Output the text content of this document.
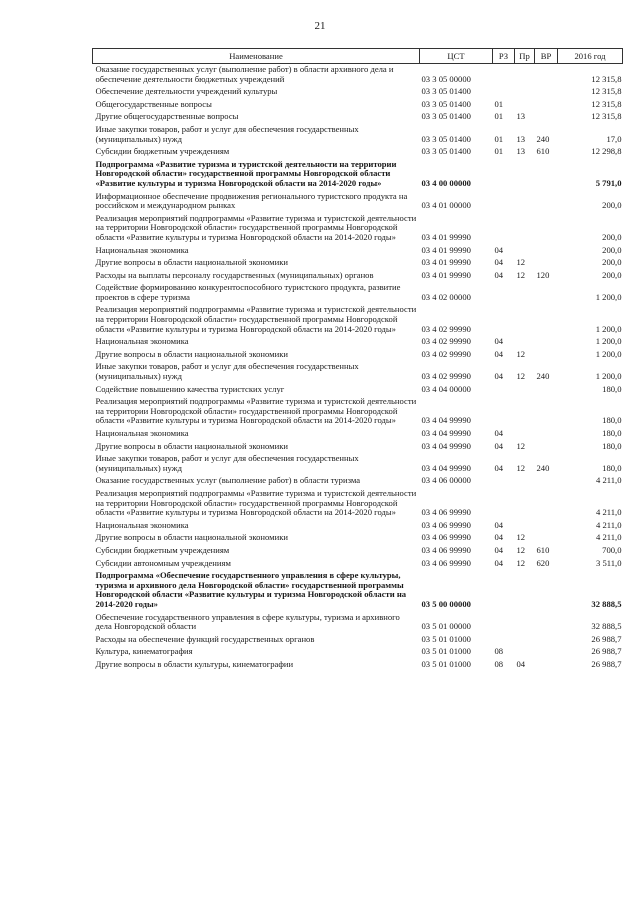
21
Наименование	ЦСТ	РЗ	Пр	ВР	2016 год
Оказание государственных услуг (выполнение работ) в области архивного дела и обеспечение деятельности бюджетных учреждений	03 3 05 00000				12 315,8
Обеспечение деятельности учреждений культуры	03 3 05 01400				12 315,8
Общегосударственные вопросы	03 3 05 01400	01			12 315,8
Другие общегосударственные вопросы	03 3 05 01400	01	13		12 315,8
Иные закупки товаров, работ и услуг для обеспечения государственных (муниципальных) нужд	03 3 05 01400	01	13	240	17,0
Субсидии бюджетным учреждениям	03 3 05 01400	01	13	610	12 298,8
Подпрограмма «Развитие туризма и туристской деятельности на территории Новгородской области» государственной программы Новгородской области «Развитие культуры и туризма Новгородской области на 2014-2020 годы»	03 4 00 00000				5 791,0
Информационное обеспечение продвижения регионального туристского продукта на российском и международном рынках	03 4 01 00000				200,0
Реализация мероприятий подпрограммы «Развитие туризма и туристской деятельности на территории Новгородской области» государственной программы Новгородской области «Развитие культуры и туризма Новгородской области на 2014-2020 годы»	03 4 01 99990				200,0
Национальная экономика	03 4 01 99990	04			200,0
Другие вопросы в области национальной экономики	03 4 01 99990	04	12		200,0
Расходы на выплаты персоналу государственных (муниципальных) органов	03 4 01 99990	04	12	120	200,0
Содействие формированию конкурентоспособного туристского продукта, развитие проектов в сфере туризма	03 4 02 00000				1 200,0
Реализация мероприятий подпрограммы «Развитие туризма и туристской деятельности на территории Новгородской области» государственной программы Новгородской области «Развитие культуры и туризма Новгородской области на 2014-2020 годы»	03 4 02 99990				1 200,0
Национальная экономика	03 4 02 99990	04			1 200,0
Другие вопросы в области национальной экономики	03 4 02 99990	04	12		1 200,0
Иные закупки товаров, работ и услуг для обеспечения государственных (муниципальных) нужд	03 4 02 99990	04	12	240	1 200,0
Содействие повышению качества туристских услуг	03 4 04 00000				180,0
Реализация мероприятий подпрограммы «Развитие туризма и туристской деятельности на территории Новгородской области» государственной программы Новгородской области «Развитие культуры и туризма Новгородской области на 2014-2020 годы»	03 4 04 99990				180,0
Национальная экономика	03 4 04 99990	04			180,0
Другие вопросы в области национальной экономики	03 4 04 99990	04	12		180,0
Иные закупки товаров, работ и услуг для обеспечения государственных (муниципальных) нужд	03 4 04 99990	04	12	240	180,0
Оказание государственных услуг (выполнение работ) в области туризма	03 4 06 00000				4 211,0
Реализация мероприятий подпрограммы «Развитие туризма и туристской деятельности на территории Новгородской области» государственной программы Новгородской области «Развитие культуры и туризма Новгородской области на 2014-2020 годы»	03 4 06 99990				4 211,0
Национальная экономика	03 4 06 99990	04			4 211,0
Другие вопросы в области национальной экономики	03 4 06 99990	04	12		4 211,0
Субсидии бюджетным учреждениям	03 4 06 99990	04	12	610	700,0
Субсидии автономным учреждениям	03 4 06 99990	04	12	620	3 511,0
Подпрограмма «Обеспечение государственного управления в сфере культуры, туризма и архивного дела Новгородской области» государственной программы Новгородской области «Развитие культуры и туризма Новгородской области на 2014-2020 годы»	03 5 00 00000				32 888,5
Обеспечение государственного управления в сфере культуры, туризма и архивного дела Новгородской области	03 5 01 00000				32 888,5
Расходы на обеспечение функций государственных органов	03 5 01 01000				26 988,7
Культура, кинематография	03 5 01 01000	08			26 988,7
Другие вопросы в области культуры, кинематографии	03 5 01 01000	08	04		26 988,7
